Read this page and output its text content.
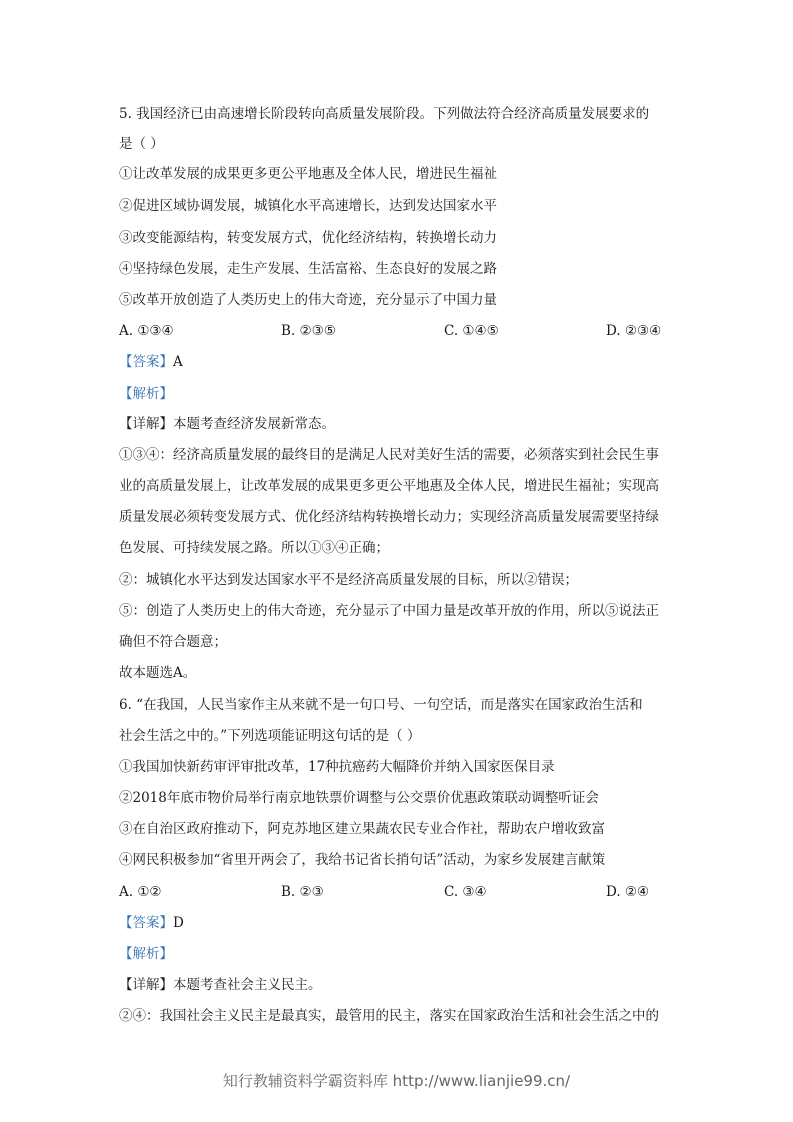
5. 我国经济已由高速增长阶段转向高质量发展阶段。下列做法符合经济高质量发展要求的
是（ ）
①让改革发展的成果更多更公平地惠及全体人民，增进民生福祉
②促进区域协调发展，城镇化水平高速增长，达到发达国家水平
③改变能源结构，转变发展方式，优化经济结构，转换增长动力
④坚持绿色发展，走生产发展、生活富裕、生态良好的发展之路
⑤改革开放创造了人类历史上的伟大奇迹，充分显示了中国力量
A. ①③④	B. ②③⑤	C. ①④⑤	D. ②③④
【答案】A
【解析】
【详解】本题考查经济发展新常态。
①③④：经济高质量发展的最终目的是满足人民对美好生活的需要，必须落实到社会民生事
业的高质量发展上，让改革发展的成果更多更公平地惠及全体人民，增进民生福祉；实现高
质量发展必须转变发展方式、优化经济结构转换增长动力；实现经济高质量发展需要坚持绿
色发展、可持续发展之路。所以①③④正确；
②：城镇化水平达到发达国家水平不是经济高质量发展的目标，所以②错误；
⑤：创造了人类历史上的伟大奇迹，充分显示了中国力量是改革开放的作用，所以⑤说法正
确但不符合题意；
故本题选A。
6. “在我国，人民当家作主从来就不是一句口号、一句空话，而是落实在国家政治生活和
社会生活之中的。”下列选项能证明这句话的是（ ）
①我国加快新药审评审批改革，17种抗癌药大幅降价并纳入国家医保目录
②2018年底市物价局举行南京地铁票价调整与公交票价优惠政策联动调整听证会
③在自治区政府推动下，阿克苏地区建立果蔬农民专业合作社，帮助农户增收致富
④网民积极参加“省里开两会了，我给书记省长捎句话”活动，为家乡发展建言献策
A. ①②	B. ②③	C. ③④	D. ②④
【答案】D
【解析】
【详解】本题考查社会主义民主。
②④：我国社会主义民主是最真实，最管用的民主，落实在国家政治生活和社会生活之中的
知行教辅资料学霸资料库 http://www.lianjie99.cn/
